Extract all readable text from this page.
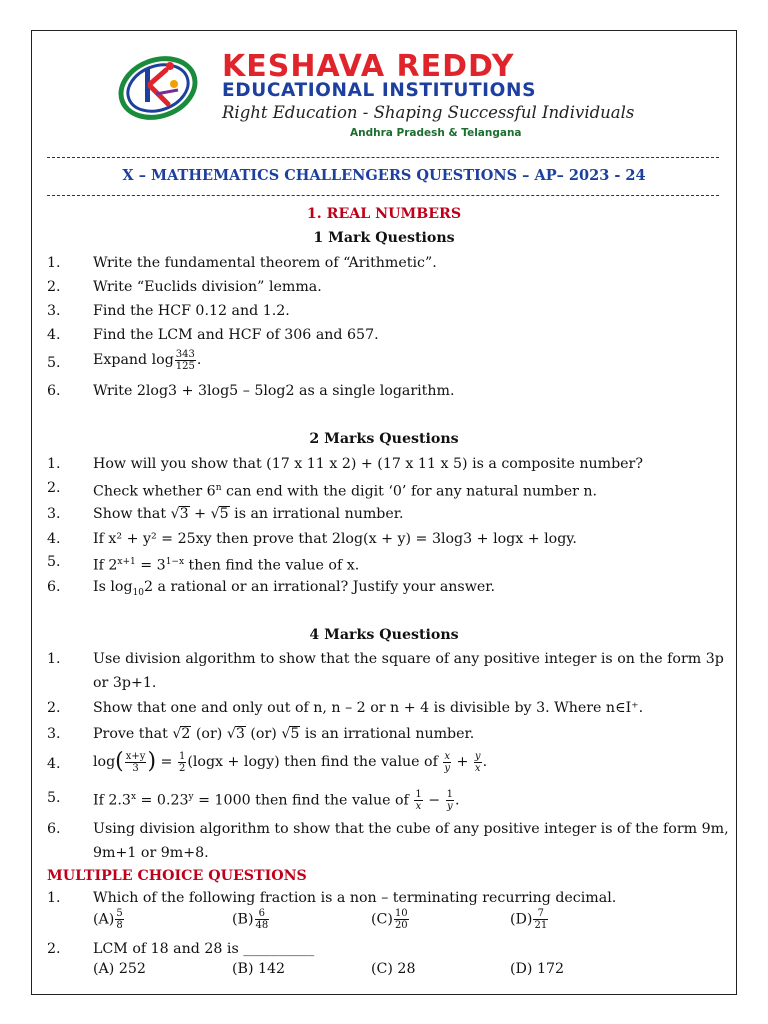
KESHAVA REDDY
EDUCATIONAL INSTITUTIONS
Right Education - Shaping Successful Individuals
Andhra Pradesh & Telangana
X – MATHEMATICS CHALLENGERS QUESTIONS – AP– 2023 - 24
1. REAL NUMBERS
1 Mark Questions
1. Write the fundamental theorem of “Arithmetic”.
2. Write “Euclids division” lemma.
3. Find the HCF 0.12 and 1.2.
4. Find the LCM and HCF of 306 and 657.
5. Expand $\log \frac{343}{125}$ .
6. Write 2log3 + 3log5 – 5log2 as a single logarithm.
2 Marks Questions
1. How will you show that (17 x 11 x 2) + (17 x 11 x 5) is a composite number?
2. Check whether 6$^n$ can end with the digit ‘0’ for any natural number n.
3. Show that √3 + √5 is an irrational number.
4. If x² + y² = 25xy then prove that 2log(x + y) = 3log3 + logx + logy.
5. If $2^{x+1} = 3^{1-x}$ then find the value of x.
6. Is $\log_{10}2$ a rational or an irrational? Justify your answer.
4 Marks Questions
1. Use division algorithm to show that the square of any positive integer is on the form 3p
or 3p+1.
2. Show that one and only out of n, n – 2 or n + 4 is divisible by 3. Where n∈I⁺.
3. Prove that √2 (or) √3 (or) √5 is an irrational number.
4. $\log( \frac{x+y}{3}$ ) = $\frac{1}{2} (\log x + \log y)$ then find the value of $\frac{x}{y} + \frac{y}{x}$ .
5. If $2.3^x = 0.23^y = 1000$ then find the value of $\frac{1}{x} - \frac{1}{y}$ .
6. Using division algorithm to show that the cube of any positive integer is of the form 9m,
9m+1 or 9m+8.
MULTIPLE CHOICE QUESTIONS
1. Which of the following fraction is a non – terminating recurring decimal.
$(A) \frac{5}{8}$	$(B) \frac{6}{48}$	$(C) \frac{10}{20}$	$(D) \frac{7}{21}$
2. LCM of 18 and 28 is __________
(A) 252	(B) 142	(C) 28	(D) 172
